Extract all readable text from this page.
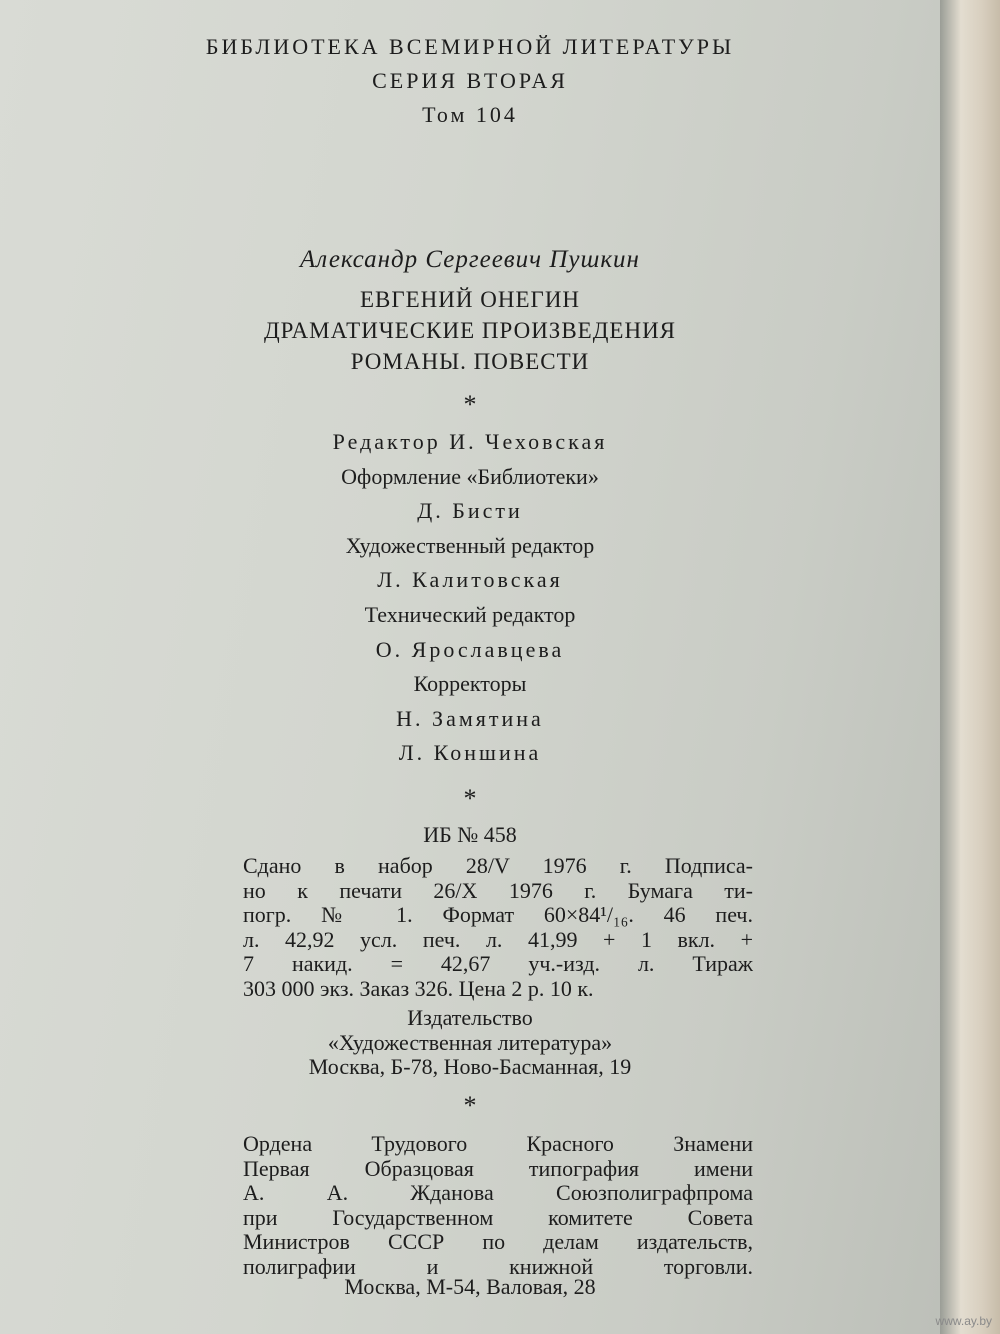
БИБЛИОТЕКА ВСЕМИРНОЙ ЛИТЕРАТУРЫ
СЕРИЯ ВТОРАЯ
Том 104
Александр Сергеевич Пушкин
ЕВГЕНИЙ ОНЕГИН
ДРАМАТИЧЕСКИЕ ПРОИЗВЕДЕНИЯ
РОМАНЫ. ПОВЕСТИ
*
Редактор И. Чеховская
Оформление «Библиотеки»
Д. Бисти
Художественный редактор
Л. Калитовская
Технический редактор
О. Ярославцева
Корректоры
Н. Замятина
Л. Коншина
*
ИБ № 458
Сдано в набор 28/V 1976 г. Подписа-
но к печати 26/X 1976 г. Бумага ти-
погр. № 1. Формат 60×84¹/₁₆. 46 печ.
л. 42,92 усл. печ. л. 41,99 + 1 вкл. +
7 накид. = 42,67 уч.-изд. л. Тираж
303 000 экз. Заказ 326. Цена 2 р. 10 к.
Издательство
«Художественная литература»
Москва, Б-78, Ново-Басманная, 19
*
Ордена Трудового Красного Знамени
Первая Образцовая типография имени
А. А. Жданова Союзполиграфпрома
при Государственном комитете Совета
Министров СССР по делам издательств,
полиграфии и книжной торговли.
Москва, М-54, Валовая, 28
www.ay.by
